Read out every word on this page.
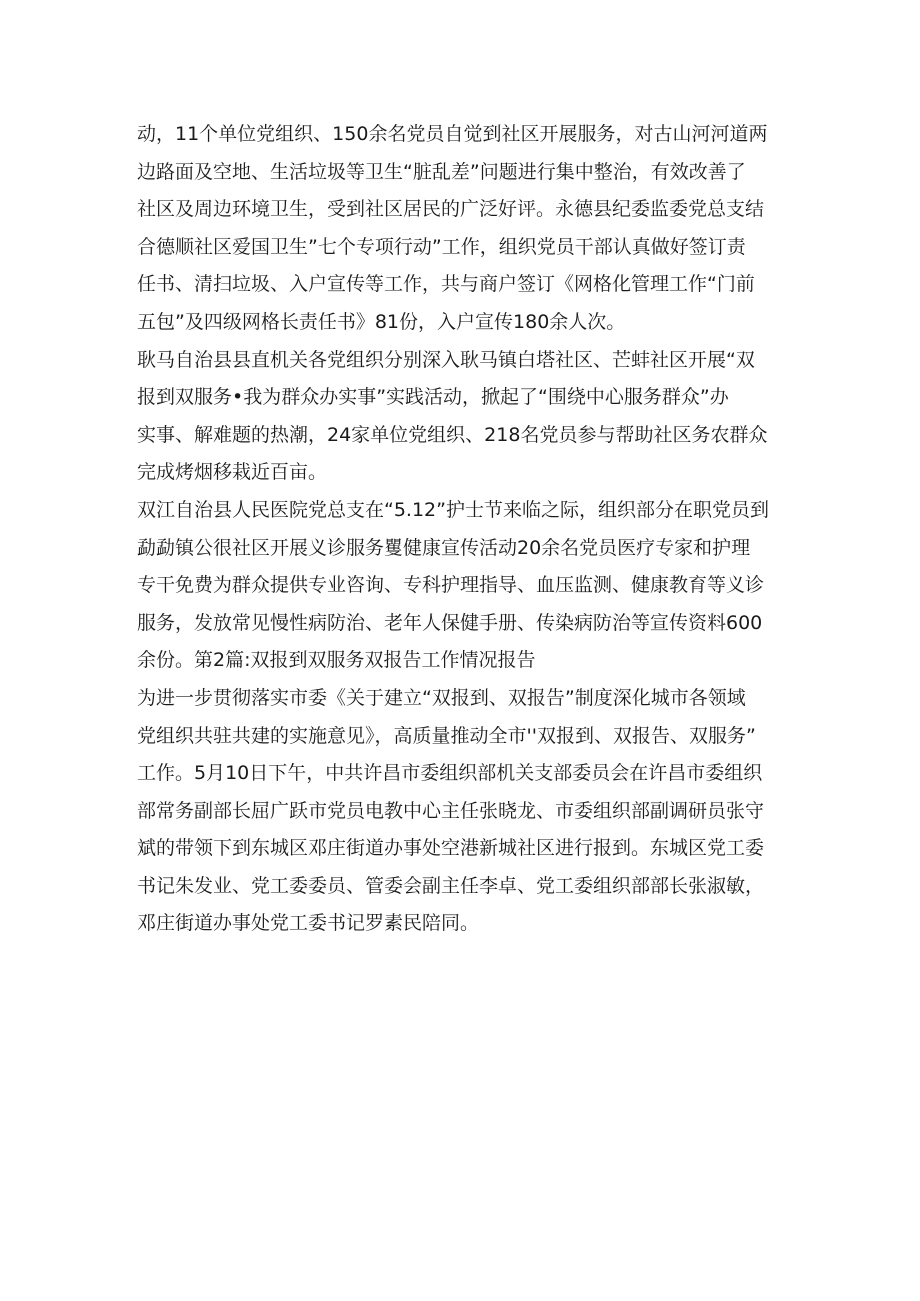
动，11个单位党组织、150余名党员自觉到社区开展服务，对古山河河道两
边路面及空地、生活垃圾等卫生“脏乱差”问题进行集中整治，有效改善了
社区及周边环境卫生，受到社区居民的广泛好评。永德县纪委监委党总支结
合德顺社区爱国卫生”七个专项行动”工作，组织党员干部认真做好签订责
任书、清扫垃圾、入户宣传等工作，共与商户签订《网格化管理工作“门前
五包”及四级网格长责任书》81份，入户宣传180余人次。

耿马自治县县直机关各党组织分别深入耿马镇白塔社区、芒蚌社区开展“双
报到双服务•我为群众办实事”实践活动，掀起了“围绕中心服务群众”办
实事、解难题的热潮，24家单位党组织、218名党员参与帮助社区务农群众
完成烤烟移栽近百亩。

双江自治县人民医院党总支在“5.12”护士节来临之际，组织部分在职党员到
勐勐镇公很社区开展义诊服务矍健康宣传活动20余名党员医疗专家和护理
专干免费为群众提供专业咨询、专科护理指导、血压监测、健康教育等义诊
服务，发放常见慢性病防治、老年人保健手册、传染病防治等宣传资料600
余份。第2篇:双报到双服务双报告工作情况报告

为进一步贯彻落实市委《关于建立“双报到、双报告”制度深化城市各领域
党组织共驻共建的实施意见》，高质量推动全市''双报到、双报告、双服务”
工作。5月10日下午，中共许昌市委组织部机关支部委员会在许昌市委组织
部常务副部长屈广跃市党员电教中心主任张晓龙、市委组织部副调研员张守
斌的带领下到东城区邓庄街道办事处空港新城社区进行报到。东城区党工委
书记朱发业、党工委委员、管委会副主任李卓、党工委组织部部长张淑敏，
邓庄街道办事处党工委书记罗素民陪同。
